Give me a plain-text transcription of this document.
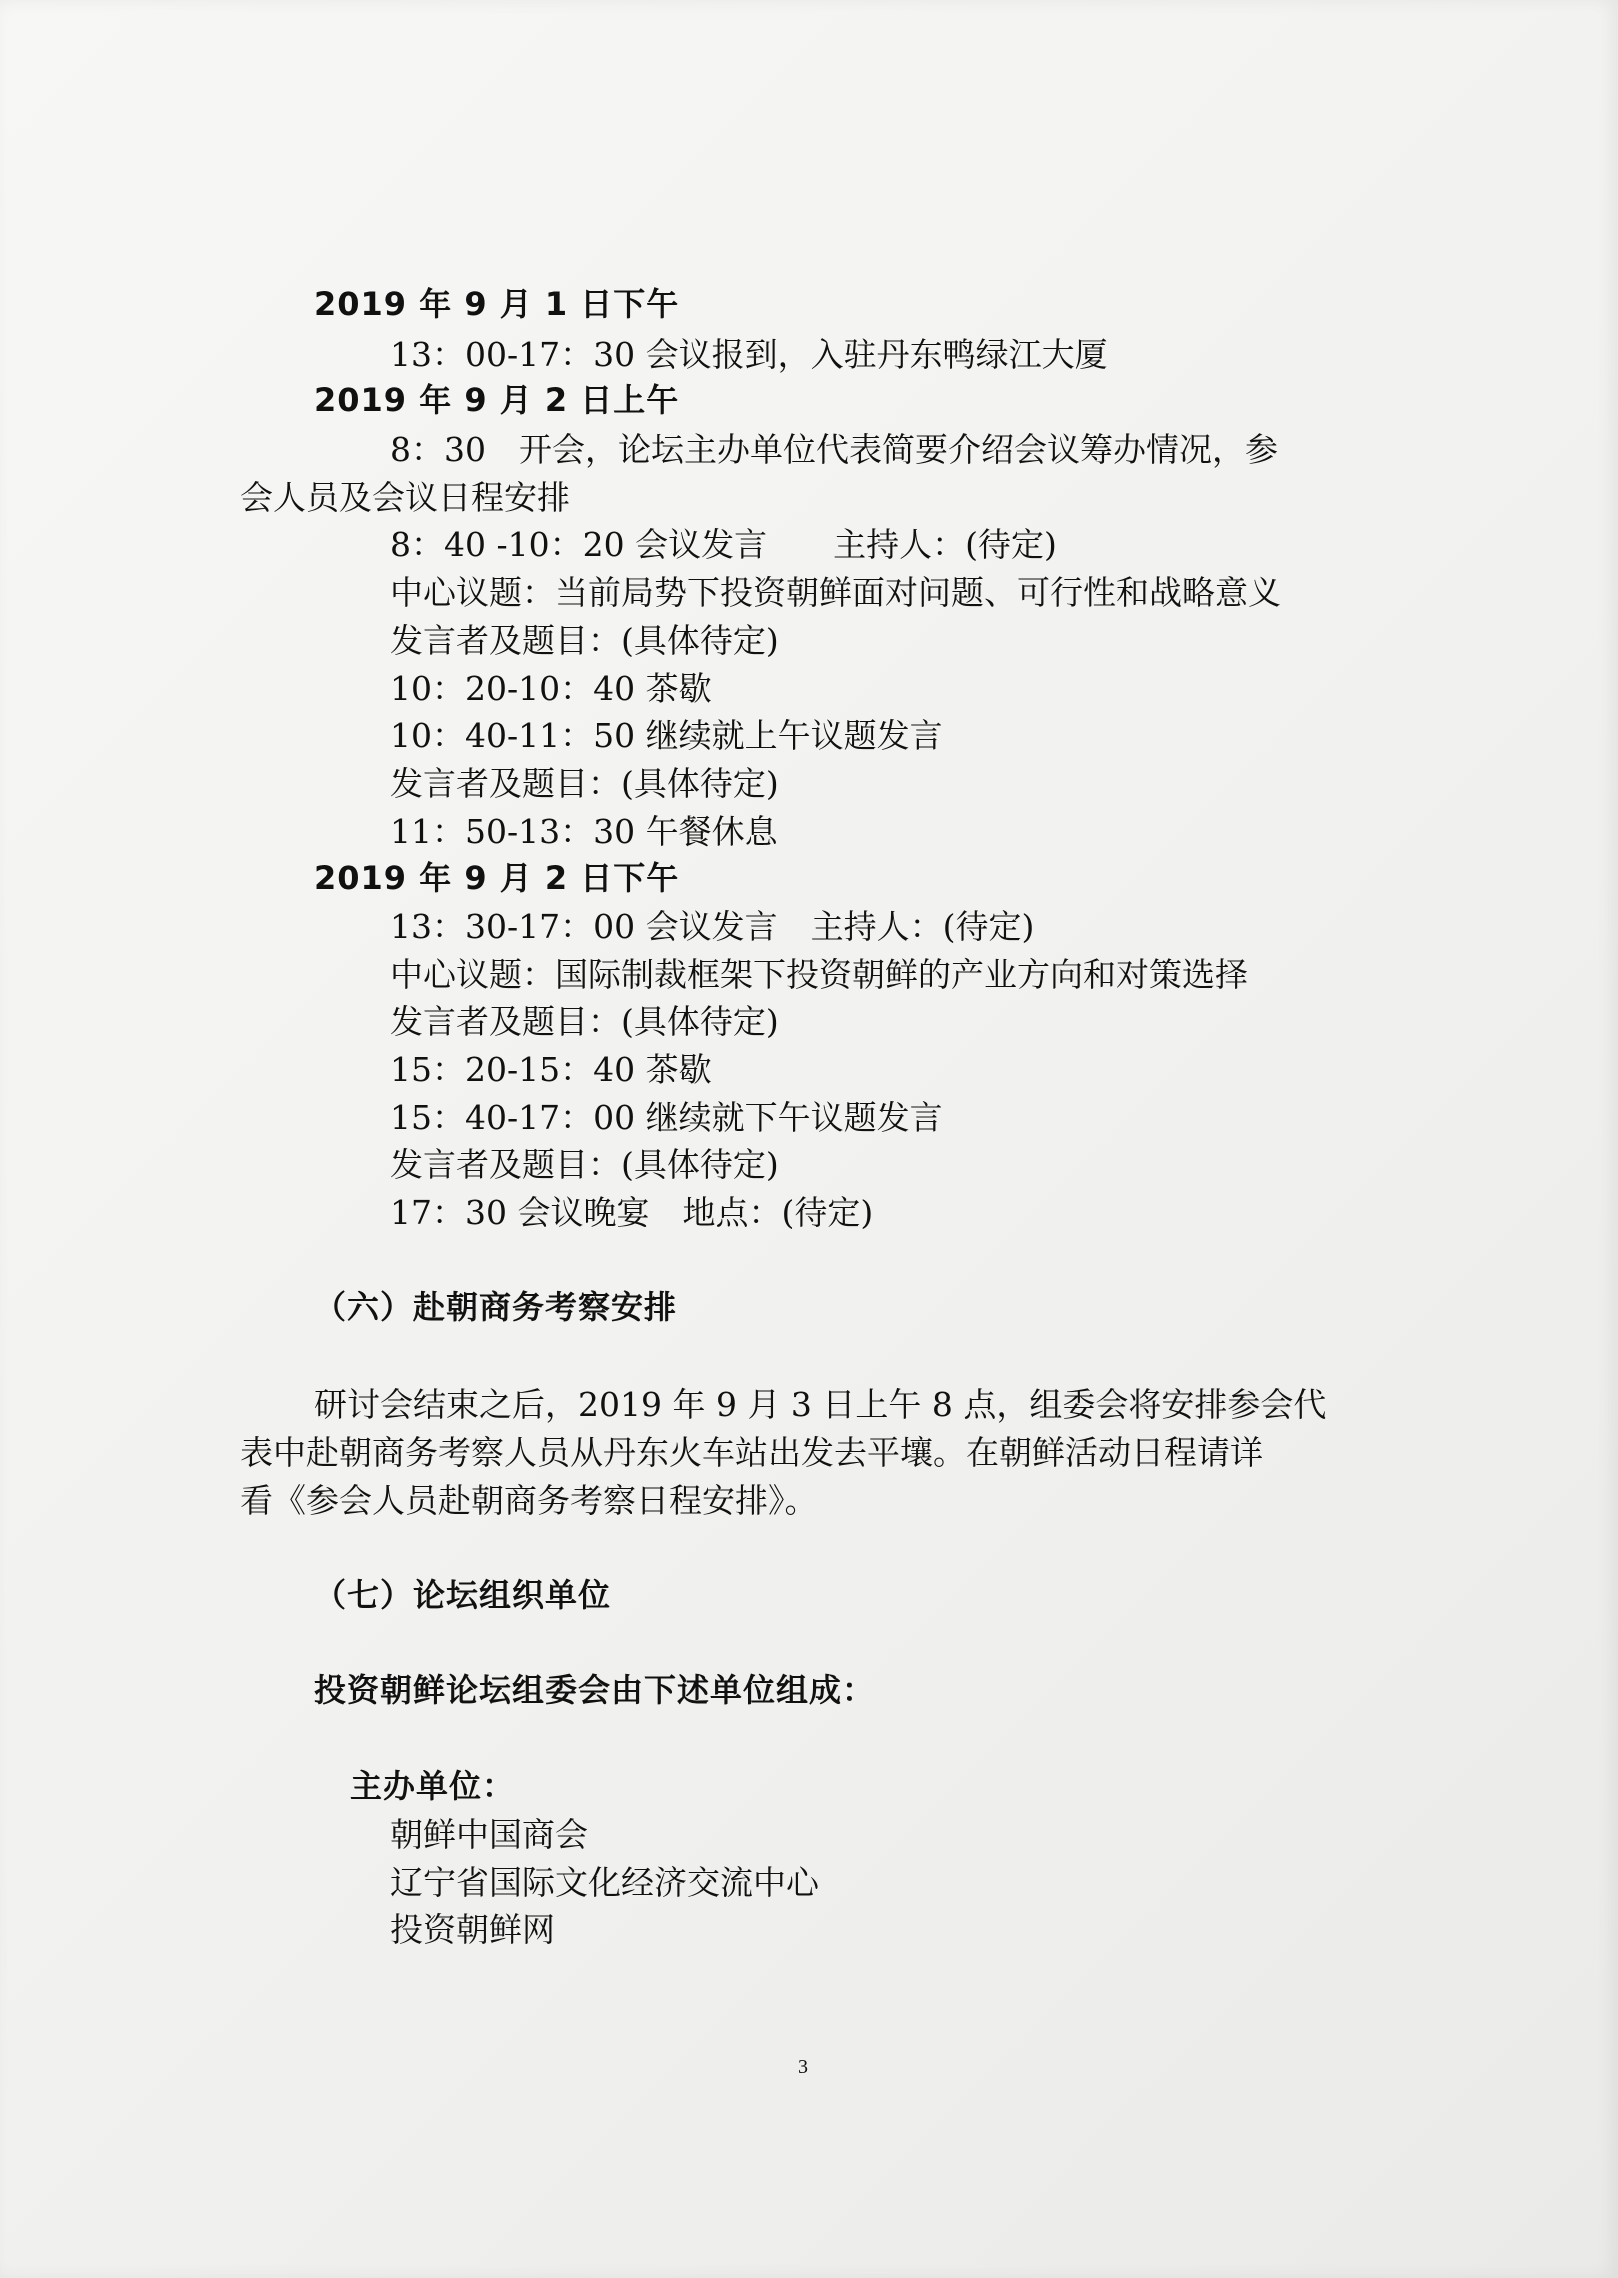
2019 年 9 月 1 日下午
13：00-17：30 会议报到，入驻丹东鸭绿江大厦
2019 年 9 月 2 日上午
8：30　开会，论坛主办单位代表简要介绍会议筹办情况，参
会人员及会议日程安排
8：40 -10：20 会议发言　　主持人：(待定)
中心议题：当前局势下投资朝鲜面对问题、可行性和战略意义
发言者及题目：(具体待定)
10：20-10：40 茶歇
10：40-11：50 继续就上午议题发言
发言者及题目：(具体待定)
11：50-13：30 午餐休息
2019 年 9 月 2 日下午
13：30-17：00 会议发言　主持人：(待定)
中心议题：国际制裁框架下投资朝鲜的产业方向和对策选择
发言者及题目：(具体待定)
15：20-15：40 茶歇
15：40-17：00 继续就下午议题发言
发言者及题目：(具体待定)
17：30 会议晚宴　地点：(待定)
（六）赴朝商务考察安排
研讨会结束之后，2019 年 9 月 3 日上午 8 点，组委会将安排参会代
表中赴朝商务考察人员从丹东火车站出发去平壤。在朝鲜活动日程请详
看《参会人员赴朝商务考察日程安排》。
（七）论坛组织单位
投资朝鲜论坛组委会由下述单位组成：
主办单位：
朝鲜中国商会
辽宁省国际文化经济交流中心
投资朝鲜网
3
